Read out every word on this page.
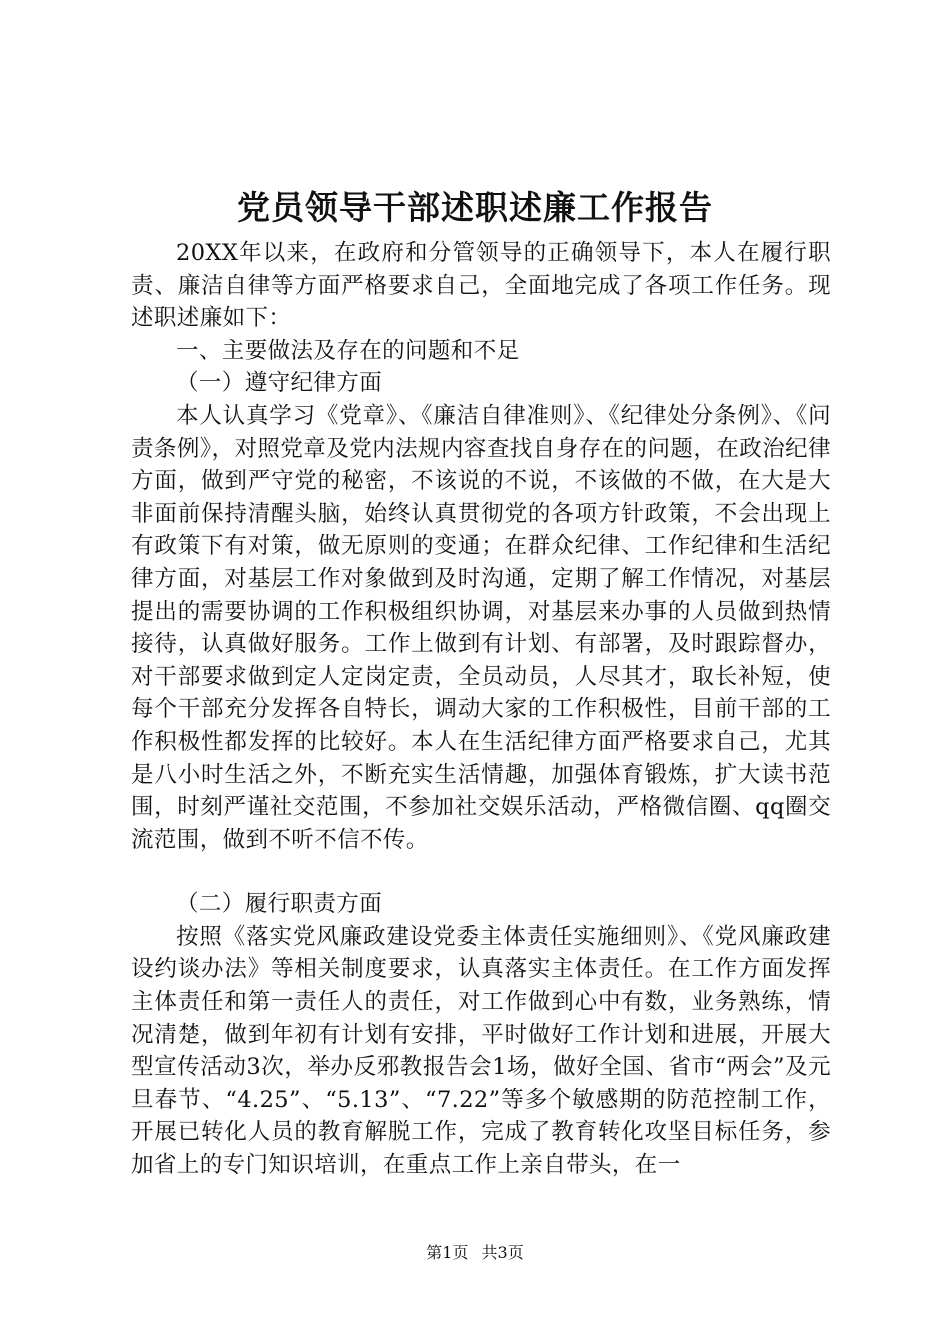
党员领导干部述职述廉工作报告

20XX年以来，在政府和分管领导的正确领导下，本人在履行职责、廉洁自律等方面严格要求自己，全面地完成了各项工作任务。现述职述廉如下：

一、主要做法及存在的问题和不足

（一）遵守纪律方面

本人认真学习《党章》、《廉洁自律准则》、《纪律处分条例》、《问责条例》，对照党章及党内法规内容查找自身存在的问题，在政治纪律方面，做到严守党的秘密，不该说的不说，不该做的不做，在大是大非面前保持清醒头脑，始终认真贯彻党的各项方针政策，不会出现上有政策下有对策，做无原则的变通；在群众纪律、工作纪律和生活纪律方面，对基层工作对象做到及时沟通，定期了解工作情况，对基层提出的需要协调的工作积极组织协调，对基层来办事的人员做到热情接待，认真做好服务。工作上做到有计划、有部署，及时跟踪督办，对干部要求做到定人定岗定责，全员动员，人尽其才，取长补短，使每个干部充分发挥各自特长，调动大家的工作积极性，目前干部的工作积极性都发挥的比较好。本人在生活纪律方面严格要求自己，尤其是八小时生活之外，不断充实生活情趣，加强体育锻炼，扩大读书范围，时刻严谨社交范围，不参加社交娱乐活动，严格微信圈、qq圈交流范围，做到不听不信不传。

（二）履行职责方面

按照《落实党风廉政建设党委主体责任实施细则》、《党风廉政建设约谈办法》等相关制度要求，认真落实主体责任。在工作方面发挥主体责任和第一责任人的责任，对工作做到心中有数，业务熟练，情况清楚，做到年初有计划有安排，平时做好工作计划和进展，开展大型宣传活动3次，举办反邪教报告会1场，做好全国、省市“两会”及元旦春节、“4.25”、“5.13”、“7.22”等多个敏感期的防范控制工作，开展已转化人员的教育解脱工作，完成了教育转化攻坚目标任务，参加省上的专门知识培训，在重点工作上亲自带头，在一

第1页 共3页
